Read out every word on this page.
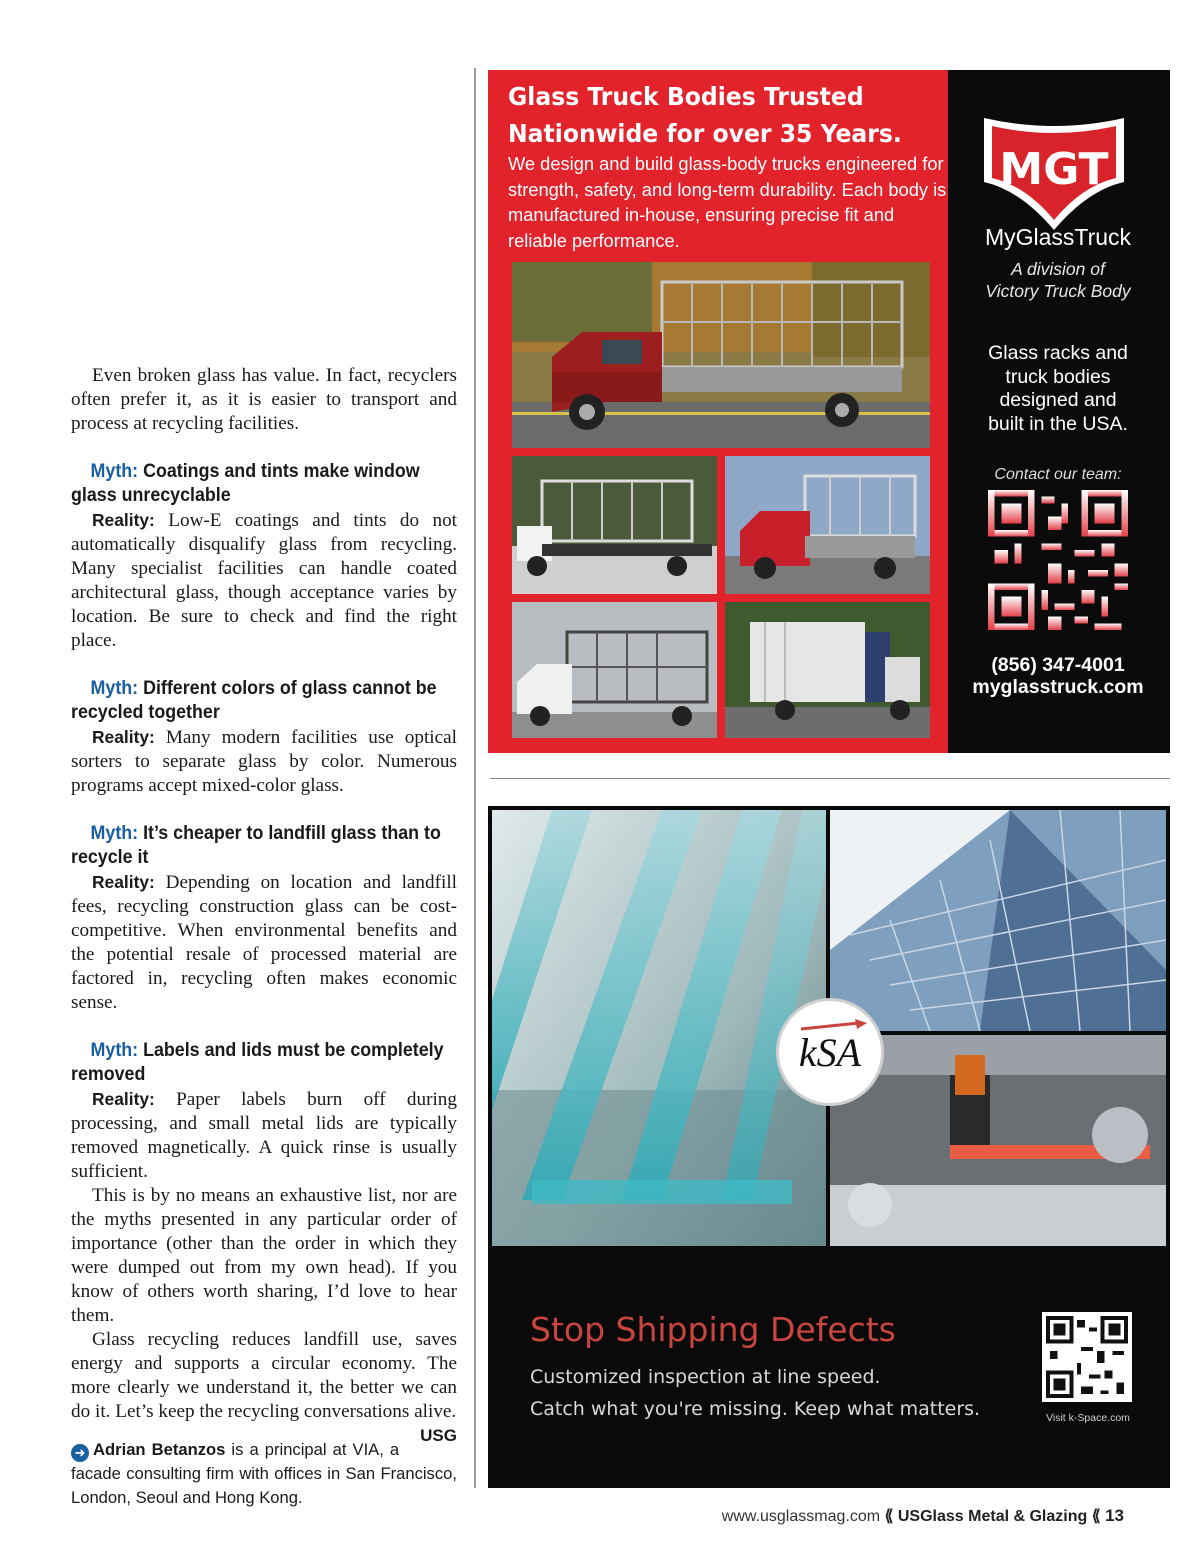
Even broken glass has value. In fact, recyclers often prefer it, as it is easier to transport and process at recycling facilities.

Myth: Coatings and tints make window glass unrecyclable

Reality: Low-E coatings and tints do not automatically disqualify glass from recycling. Many specialist facilities can handle coated architectural glass, though acceptance varies by location. Be sure to check and find the right place.

Myth: Different colors of glass cannot be recycled together

Reality: Many modern facilities use optical sorters to separate glass by color. Numerous programs accept mixed-color glass.

Myth: It’s cheaper to landfill glass than to recycle it

Reality: Depending on location and landfill fees, recycling construction glass can be cost-competitive. When environmental benefits and the potential resale of processed material are factored in, recycling often makes economic sense.

Myth: Labels and lids must be completely removed

Reality: Paper labels burn off during processing, and small metal lids are typically removed magnetically. A quick rinse is usually sufficient.

This is by no means an exhaustive list, nor are the myths presented in any particular order of importance (other than the order in which they were dumped out from my own head). If you know of others worth sharing, I’d love to hear them.

Glass recycling reduces landfill use, saves energy and supports a circular economy. The more clearly we understand it, the better we can do it. Let’s keep the recycling conversations alive.
USG

➜ Adrian Betanzos is a principal at VIA, a facade consulting firm with offices in San Francisco, London, Seoul and Hong Kong.

Glass Truck Bodies Trusted
Nationwide for over 35 Years.
We design and build glass-body trucks engineered for strength, safety, and long-term durability. Each body is manufactured in-house, ensuring precise fit and reliable performance.
MGT
MyGlassTruck
A division of
Victory Truck Body
Glass racks and
truck bodies
designed and
built in the USA.
Contact our team:
(856) 347-4001
myglasstruck.com
kSA
Stop Shipping Defects
Customized inspection at line speed.
Catch what you're missing. Keep what matters.	Visit k-Space.com
www.usglassmag.com ⟪ USGlass Metal & Glazing ⟪ 13
